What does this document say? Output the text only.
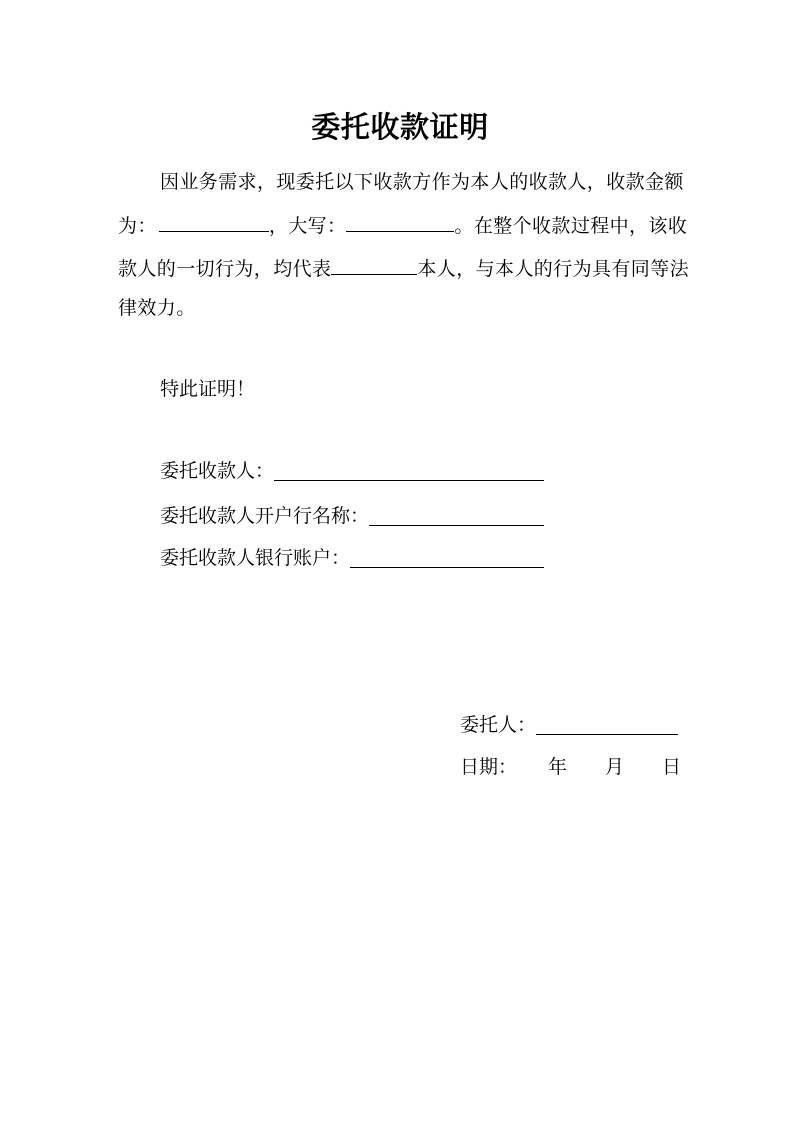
委托收款证明
因业务需求，现委托以下收款方作为本人的收款人，收款金额
为：	，大写：	。在整个收款过程中，该收
款人的一切行为，均代表	本人，与本人的行为具有同等法
律效力。
特此证明！
委托收款人：
委托收款人开户行名称：
委托收款人银行账户：
委托人：
日期： 年 月 日
